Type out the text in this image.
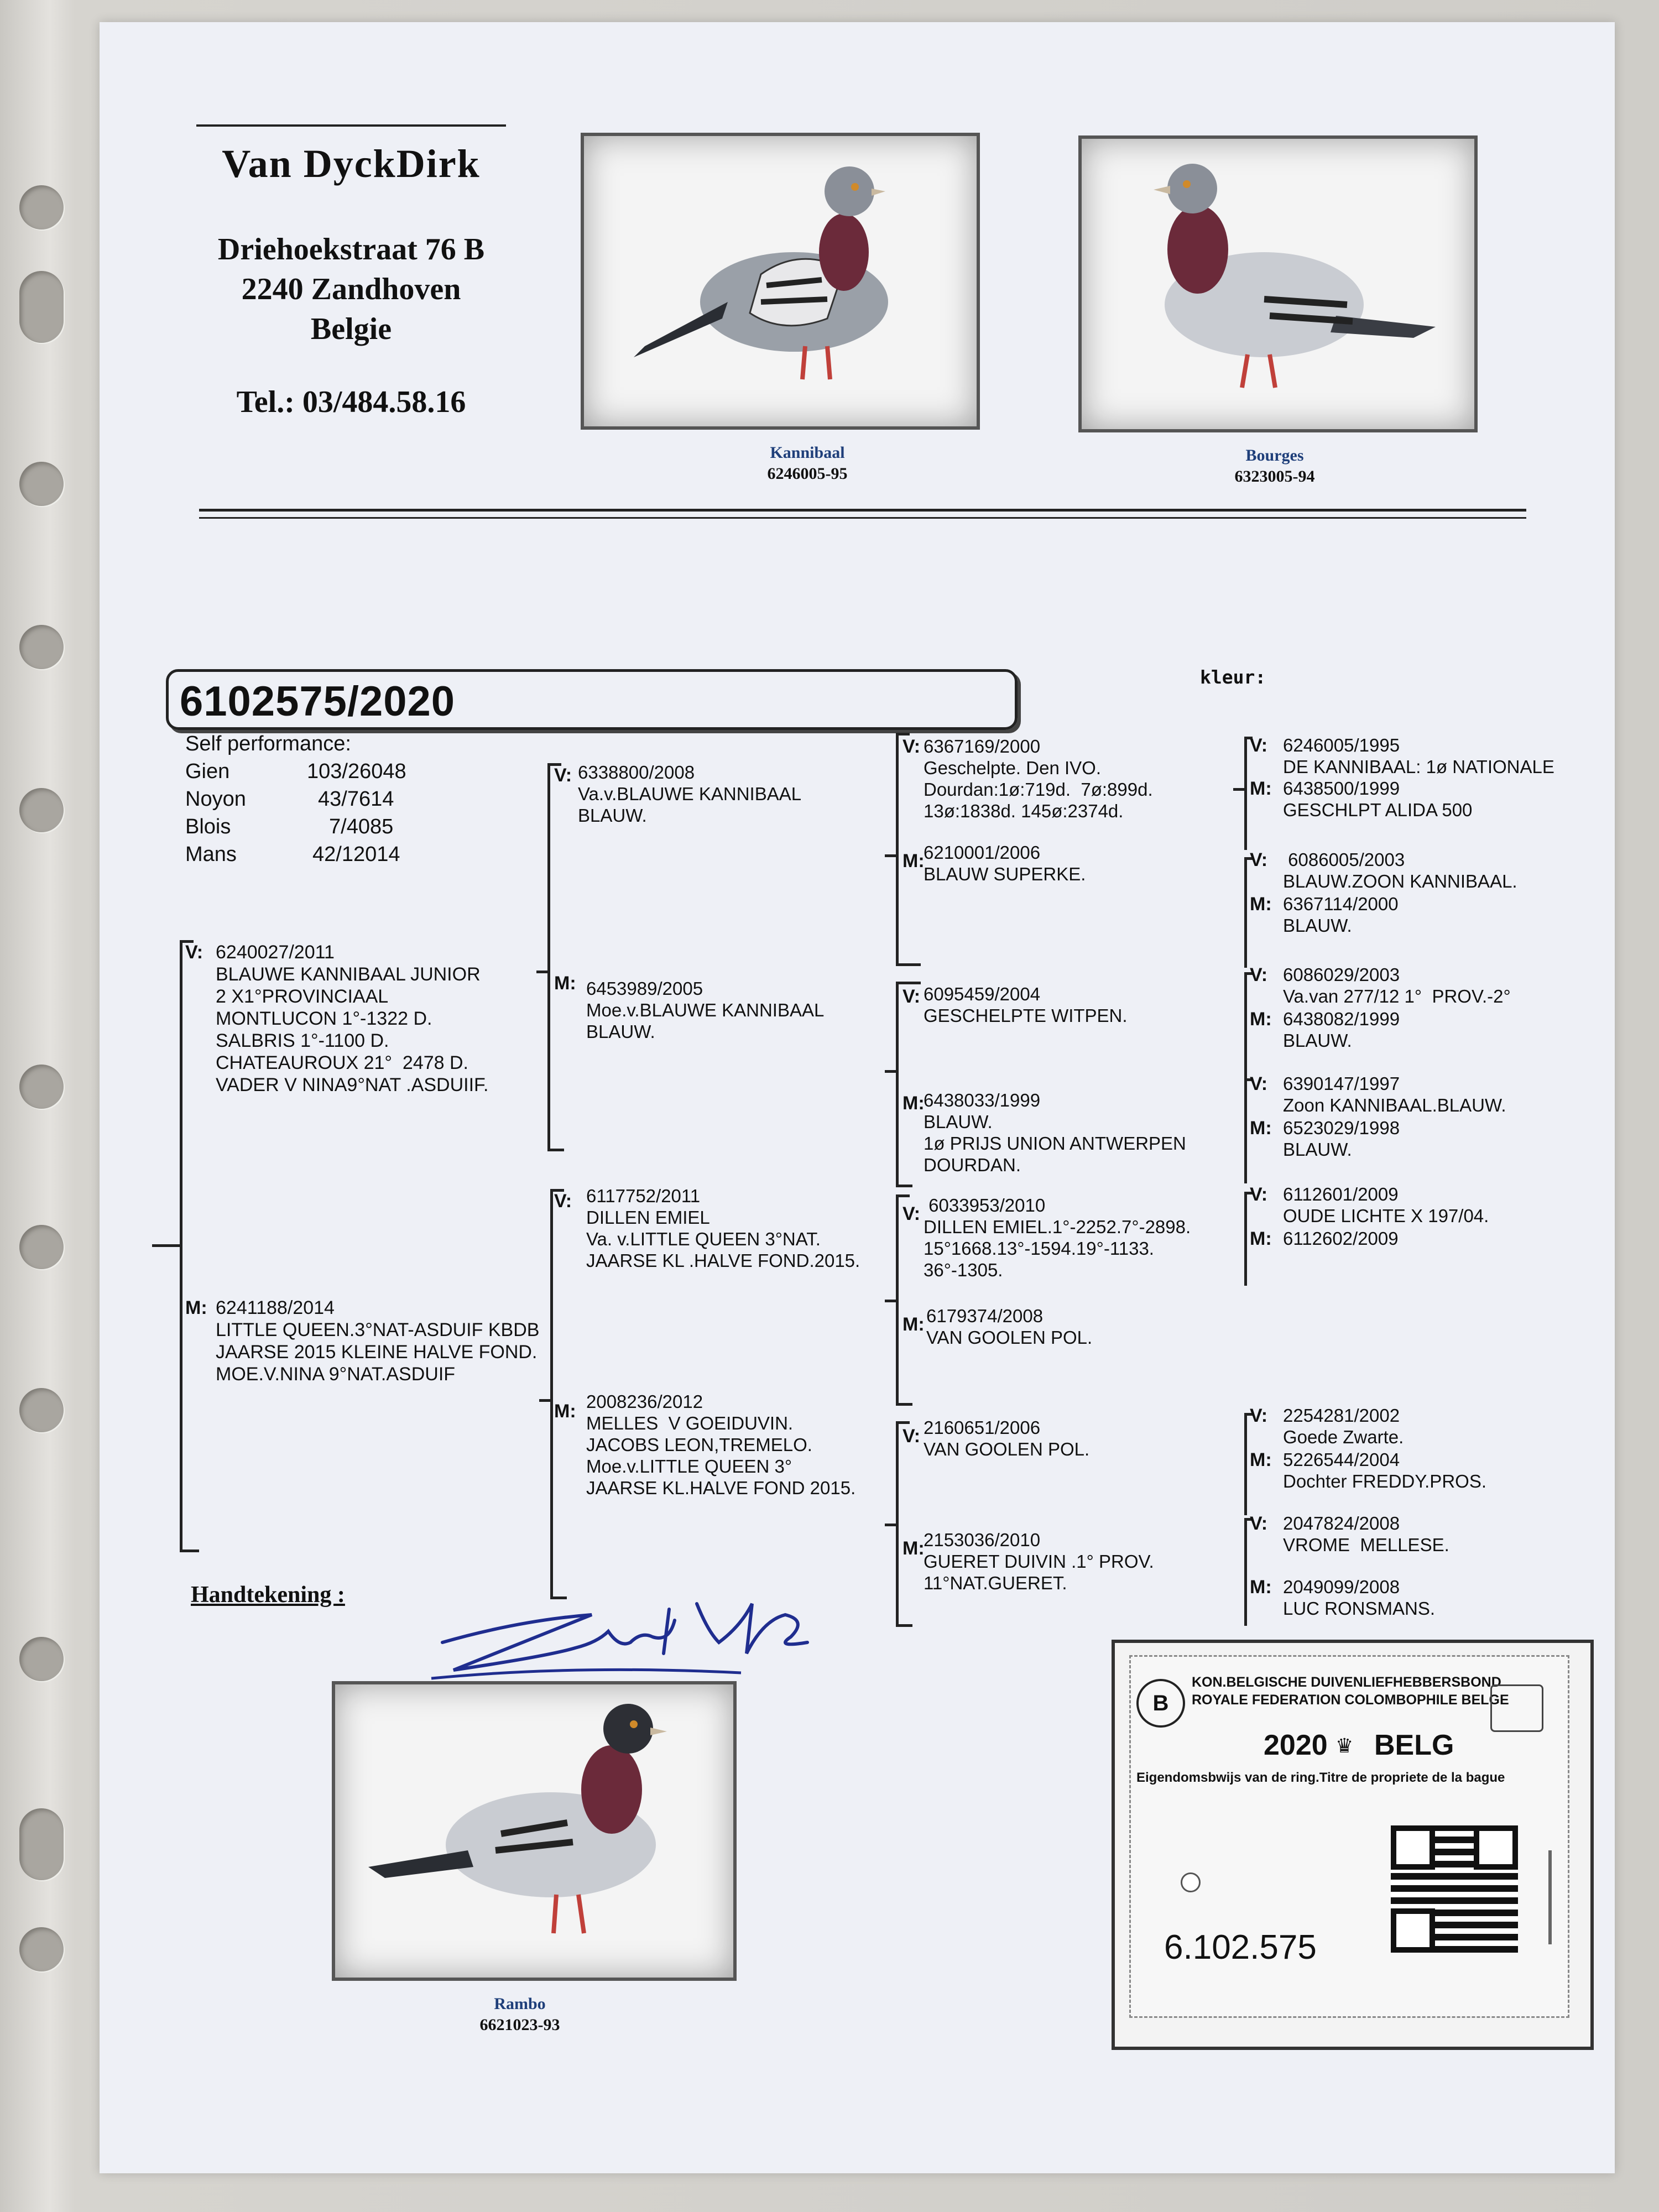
Van DyckDirk
Driehoekstraat 76 B
2240 Zandhoven
Belgie
Tel.: 03/484.58.16
Kannibaal
6246005-95
Bourges
6323005-94
6102575/2020
kleur:
Self performance:
Gien	103/26048
Noyon	43/7614
Blois	7/4085
Mans	42/12014
V: 6240027/2011
BLAUWE KANNIBAAL JUNIOR
2 X1°PROVINCIAAL
MONTLUCON 1°-1322 D.
SALBRIS 1°-1100 D.
CHATEAUROUX 21°  2478 D.
VADER V NINA9°NAT .ASDUIIF.
M: 6241188/2014
LITTLE QUEEN.3°NAT-ASDUIF KBDB
JAARSE 2015 KLEINE HALVE FOND.
MOE.V.NINA 9°NAT.ASDUIF
V: 6338800/2008
Va.v.BLAUWE KANNIBAAL
BLAUW.
M: 6453989/2005
Moe.v.BLAUWE KANNIBAAL
BLAUW.
V: 6117752/2011
DILLEN EMIEL
Va. v.LITTLE QUEEN 3°NAT.
JAARSE KL .HALVE FOND.2015.
M: 2008236/2012
MELLES  V GOEIDUVIN.
JACOBS LEON,TREMELO.
Moe.v.LITTLE QUEEN 3°
JAARSE KL.HALVE FOND 2015.
V: 6367169/2000
Geschelpte. Den IVO.
Dourdan:1ø:719d.  7ø:899d.
13ø:1838d. 145ø:2374d.
M:
6210001/2006
BLAUW SUPERKE.
V: 6095459/2004
GESCHELPTE WITPEN.
M:
6438033/1999
BLAUW.
1ø PRIJS UNION ANTWERPEN
DOURDAN.
V: 6033953/2010
DILLEN EMIEL.1°-2252.7°-2898.
15°1668.13°-1594.19°-1133.
36°-1305.
M: 6179374/2008
VAN GOOLEN POL.
V: 2160651/2006
VAN GOOLEN POL.
M:
2153036/2010
GUERET DUIVIN .1° PROV.
11°NAT.GUERET.
V: 6246005/1995
DE KANNIBAAL: 1ø NATIONALE
M: 6438500/1999
GESCHLPT ALIDA 500
V: 6086005/2003
BLAUW.ZOON KANNIBAAL.
M: 6367114/2000
BLAUW.
V: 6086029/2003
Va.van 277/12 1°  PROV.-2°
M: 6438082/1999
BLAUW.
V: 6390147/1997
Zoon KANNIBAAL.BLAUW.
M: 6523029/1998
BLAUW.
V: 6112601/2009
OUDE LICHTE X 197/04.
M: 6112602/2009
V: 2254281/2002
Goede Zwarte.
M: 5226544/2004
Dochter FREDDY.PROS.
V: 2047824/2008
VROME  MELLESE.
M: 2049099/2008
LUC RONSMANS.
Handtekening :
Rambo
6621023-93
B
KON.BELGISCHE DUIVENLIEFHEBBERSBOND
ROYALE FEDERATION COLOMBOPHILE BELGE
2020 ♛ BELG
Eigendomsbwijs van de ring.Titre de propriete de la bague
6.102.575
